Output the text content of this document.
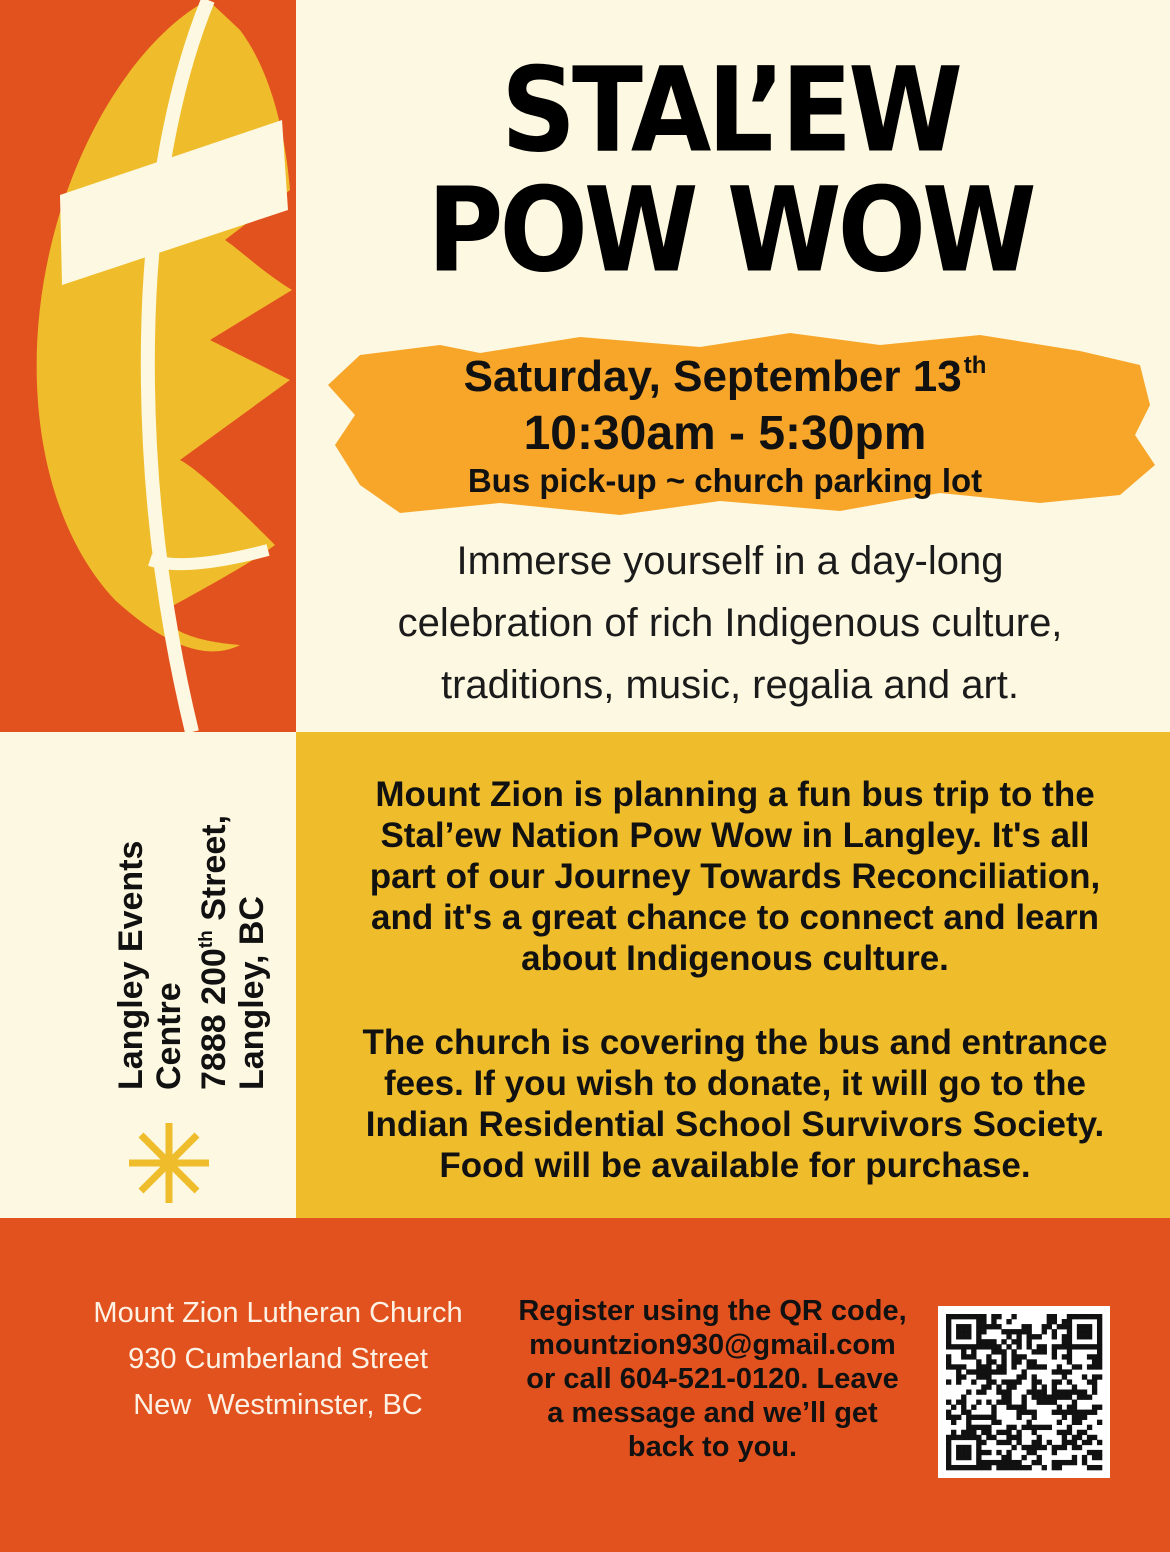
STAL’EW
POW WOW
Saturday, September 13th
10:30am - 5:30pm
Bus pick-up ~ church parking lot
Immerse yourself in a day-long
celebration of rich Indigenous culture,
traditions, music, regalia and art.
Mount Zion is planning a fun bus trip to the
Stal’ew Nation Pow Wow in Langley. It's all
part of our Journey Towards Reconciliation,
and it's a great chance to connect and learn
about Indigenous culture.
The church is covering the bus and entrance
fees. If you wish to donate, it will go to the
Indian Residential School Survivors Society.
Food will be available for purchase.
Langley Events Centre 7888 200th Street,
Langley, BC
Mount Zion Lutheran Church
930 Cumberland Street
New  Westminster, BC
Register using the QR code,
mountzion930@gmail.com
or call 604-521-0120. Leave
a message and we’ll get
back to you.
